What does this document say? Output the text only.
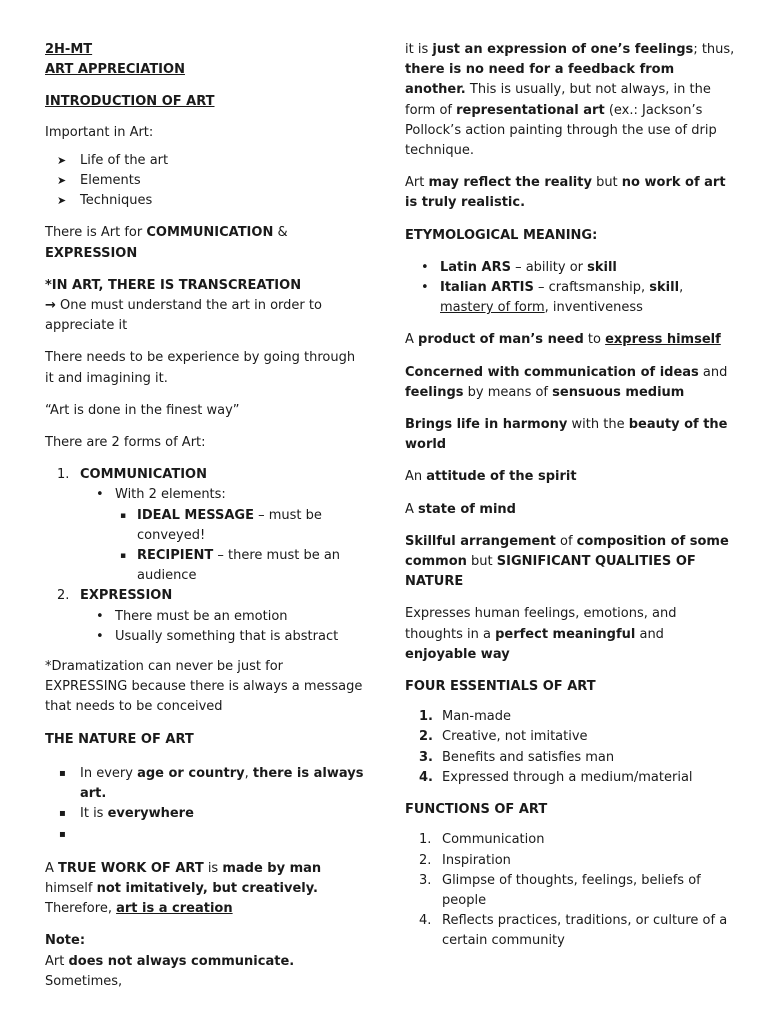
2H-MT

ART APPRECIATION

INTRODUCTION OF ART

Important in Art:

➤ Life of the art
➤ Elements
➤ Techniques

There is Art for COMMUNICATION & EXPRESSION

*IN ART, THERE IS TRANSCREATION
→ One must understand the art in order to appreciate it

There needs to be experience by going through it and imagining it.

“Art is done in the finest way”

There are 2 forms of Art:

1. COMMUNICATION
• With 2 elements:
▪ IDEAL MESSAGE – must be conveyed!
▪ RECIPIENT – there must be an audience
2. EXPRESSION
• There must be an emotion
• Usually something that is abstract

*Dramatization can never be just for EXPRESSING because there is always a message that needs to be conceived

THE NATURE OF ART

▪ In every age or country, there is always art.
▪ It is everywhere
▪

A TRUE WORK OF ART is made by man himself not imitatively, but creatively. Therefore, art is a creation

Note:
Art does not always communicate. Sometimes,

it is just an expression of one’s feelings; thus, there is no need for a feedback from another. This is usually, but not always, in the form of representational art (ex.: Jackson’s Pollock’s action painting through the use of drip technique.

Art may reflect the reality but no work of art is truly realistic.

ETYMOLOGICAL MEANING:

• Latin ARS – ability or skill
• Italian ARTIS – craftsmanship, skill, mastery of form, inventiveness

A product of man’s need to express himself

Concerned with communication of ideas and feelings by means of sensuous medium

Brings life in harmony with the beauty of the world

An attitude of the spirit

A state of mind

Skillful arrangement of composition of some common but SIGNIFICANT QUALITIES OF NATURE

Expresses human feelings, emotions, and thoughts in a perfect meaningful and enjoyable way

FOUR ESSENTIALS OF ART

1. Man-made
2. Creative, not imitative
3. Benefits and satisfies man
4. Expressed through a medium/material

FUNCTIONS OF ART

1. Communication
2. Inspiration
3. Glimpse of thoughts, feelings, beliefs of people
4. Reflects practices, traditions, or culture of a certain community
